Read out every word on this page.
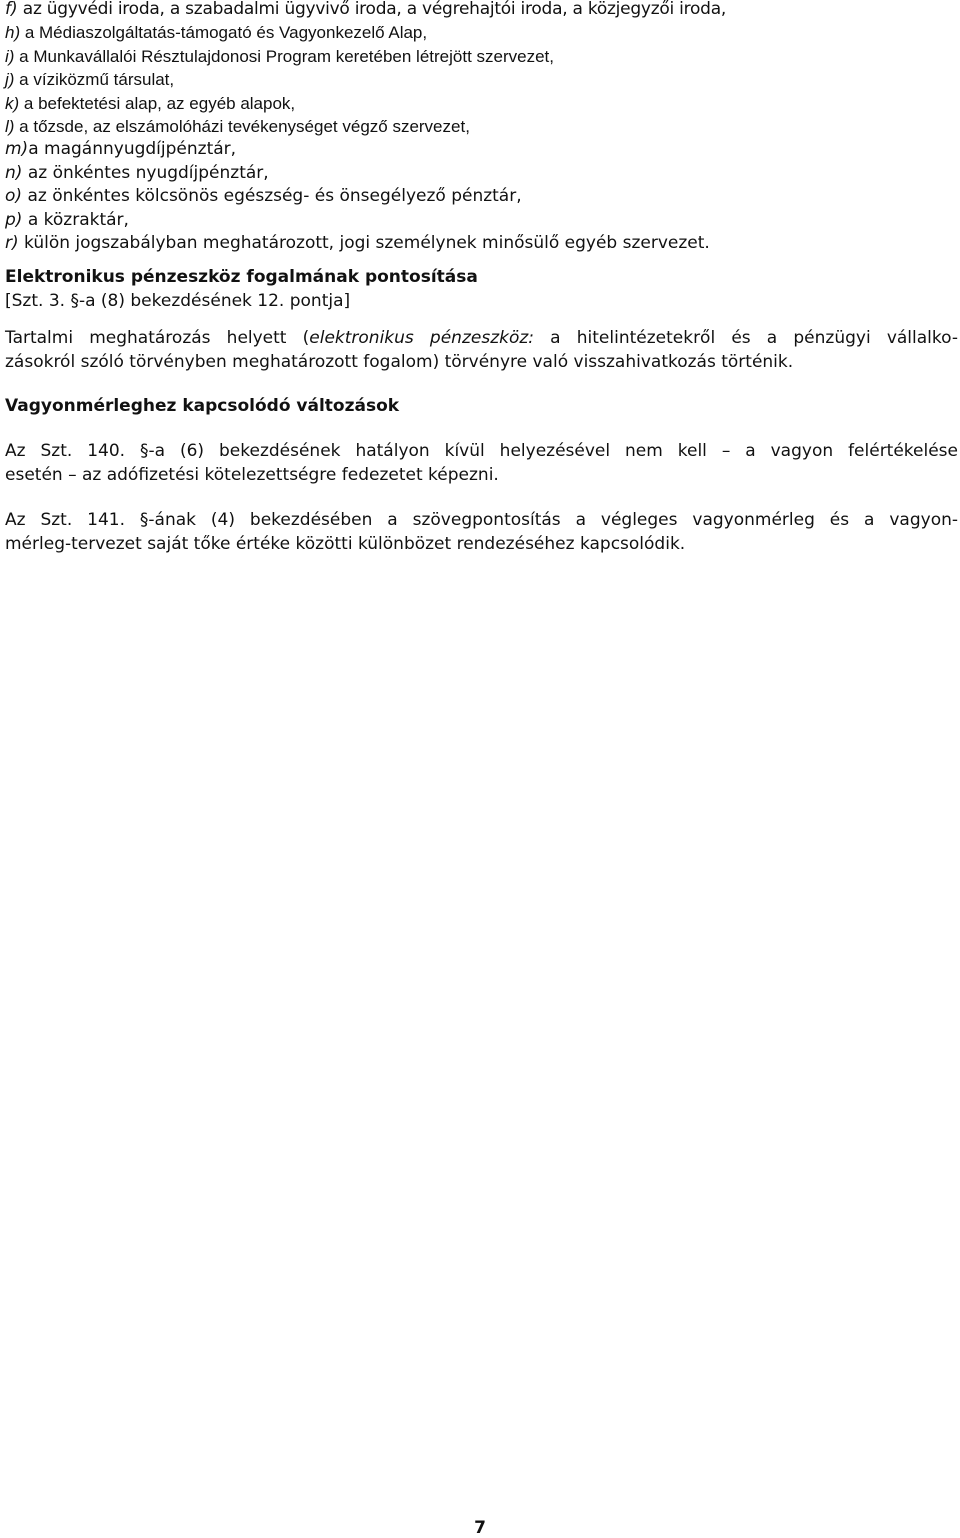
f) az ügyvédi iroda, a szabadalmi ügyvivő iroda, a végrehajtói iroda, a közjegyzői iroda,
h) a Médiaszolgáltatás-támogató és Vagyonkezelő Alap,
i) a Munkavállalói Résztulajdonosi Program keretében létrejött szervezet,
j) a víziközmű társulat,
k) a befektetési alap, az egyéb alapok,
l) a tőzsde, az elszámolóházi tevékenységet végző szervezet,
m)a magánnyugdíjpénztár,
n) az önkéntes nyugdíjpénztár,
o) az önkéntes kölcsönös egészség- és önsegélyező pénztár,
p) a közraktár,
r) külön jogszabályban meghatározott, jogi személynek minősülő egyéb szervezet.
Elektronikus pénzeszköz fogalmának pontosítása
[Szt. 3. §-a (8) bekezdésének 12. pontja]
Tartalmi meghatározás helyett (elektronikus pénzeszköz: a hitelintézetekről és a pénzügyi vállalko-
zásokról szóló törvényben meghatározott fogalom) törvényre való visszahivatkozás történik.
Vagyonmérleghez kapcsolódó változások
Az Szt. 140. §-a (6) bekezdésének hatályon kívül helyezésével nem kell – a vagyon felértékelése
esetén – az adófizetési kötelezettségre fedezetet képezni.
Az Szt. 141. §-ának (4) bekezdésében a szövegpontosítás a végleges vagyonmérleg és a vagyon-
mérleg-tervezet saját tőke értéke közötti különbözet rendezéséhez kapcsolódik.
7
